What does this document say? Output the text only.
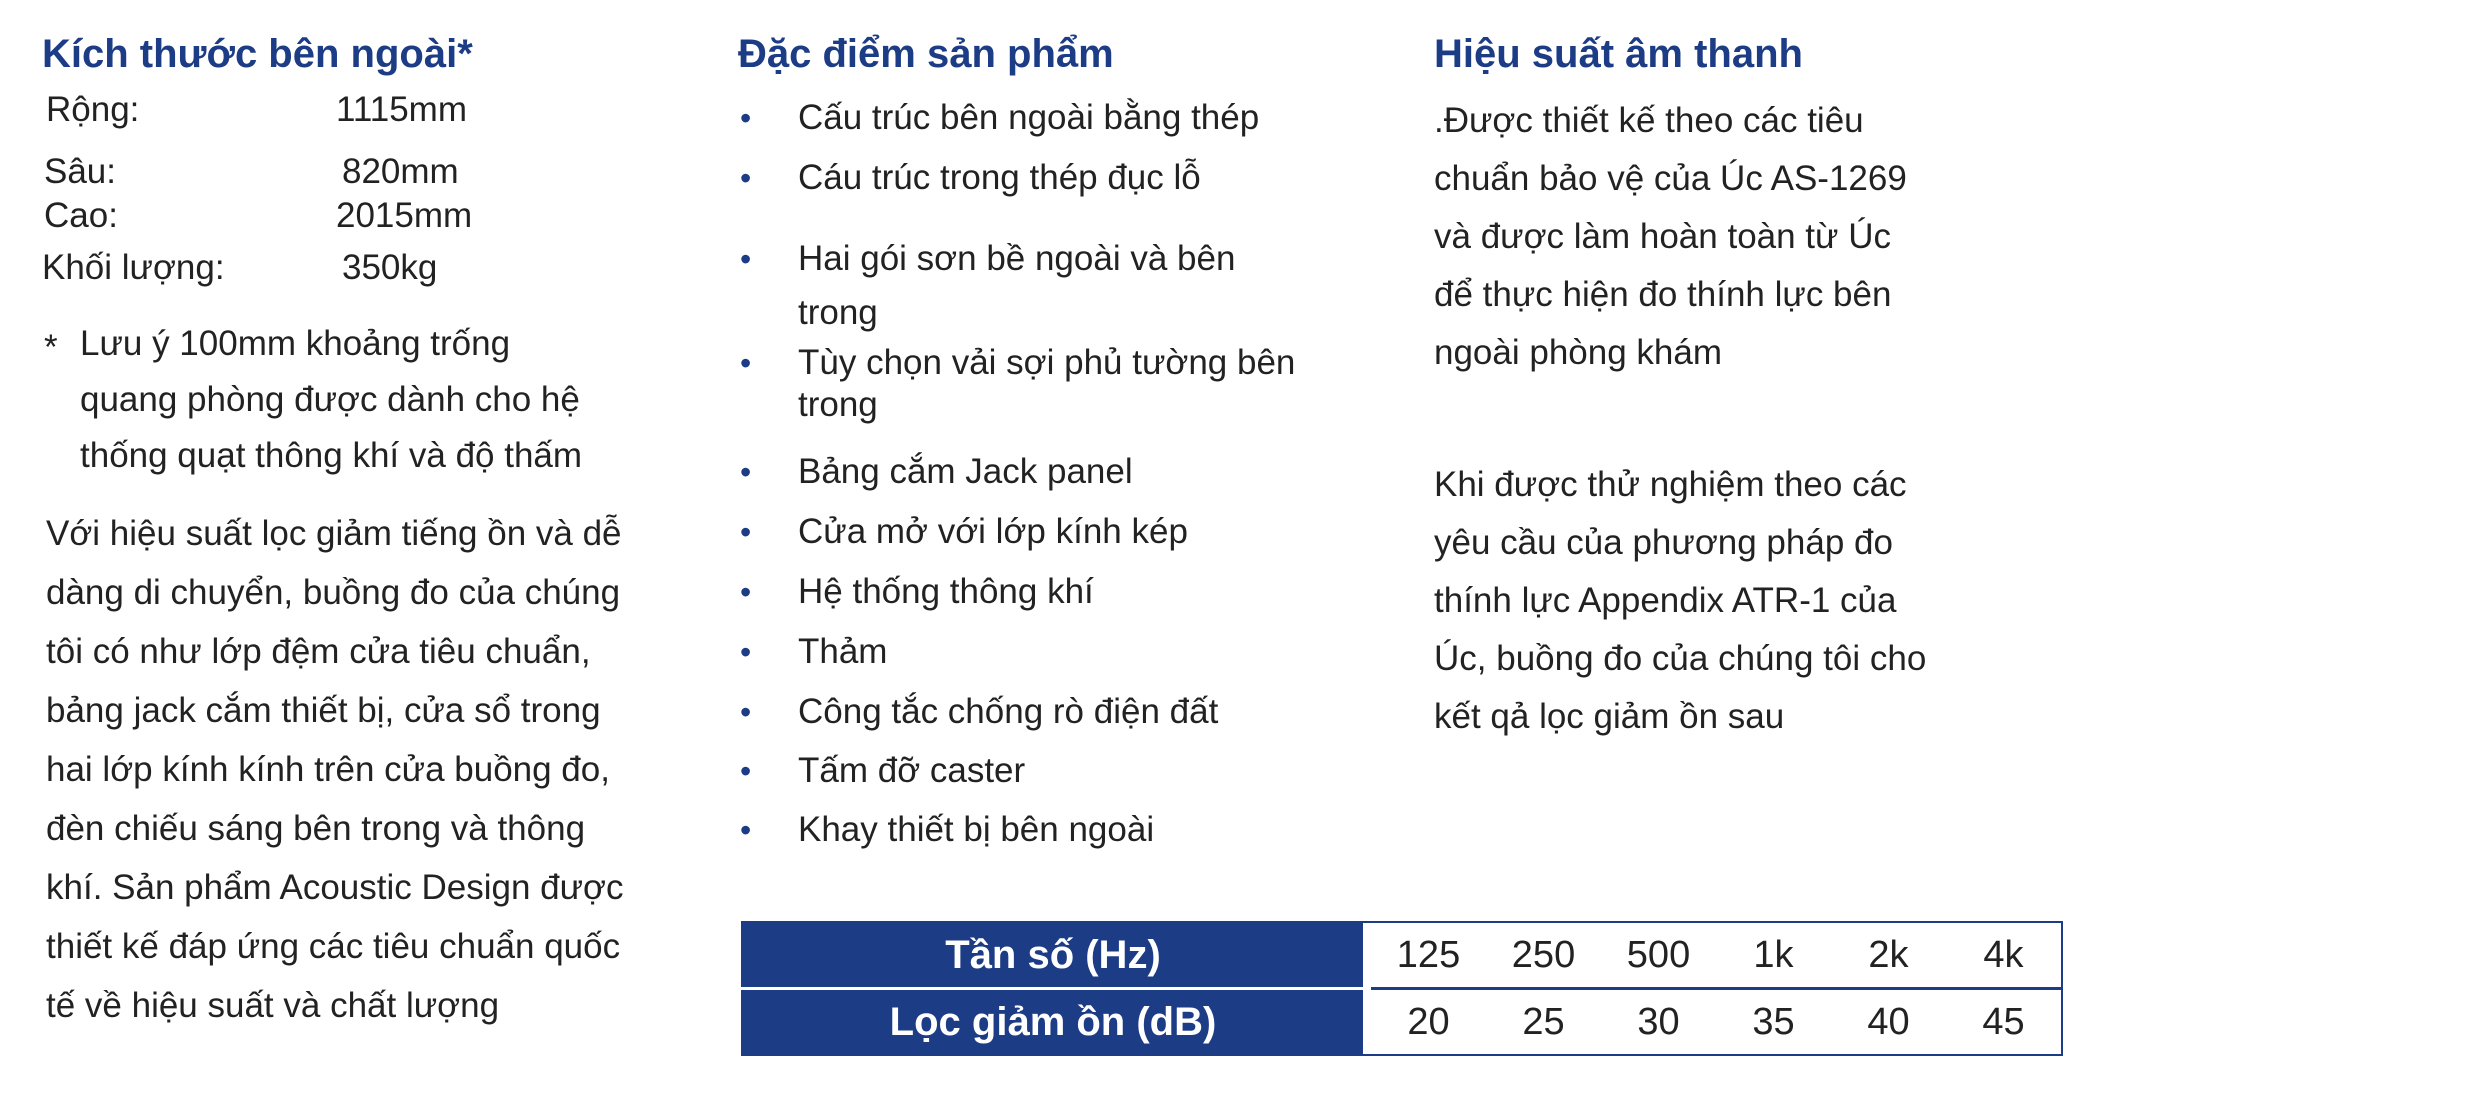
Kích thước bên ngoài*
Rộng:	1115mm
Sâu:	820mm
Cao:	2015mm
Khối lượng:	350kg
* Lưu ý 100mm khoảng trống
quang phòng được dành cho hệ
thống quạt thông khí và độ thấm
Với hiệu suất lọc giảm tiếng ồn và dễ
dàng di chuyển, buồng đo của chúng
tôi có như lớp đệm cửa tiêu chuẩn,
bảng jack cắm thiết bị, cửa sổ trong
hai lớp kính kính trên cửa buồng đo,
đèn chiếu sáng bên trong và thông
khí. Sản phẩm Acoustic Design được
thiết kế đáp ứng các tiêu chuẩn quốc
tế về hiệu suất và chất lượng
Đặc điểm sản phẩm
• Cấu trúc bên ngoài bằng thép
• Cáu trúc trong thép đục lỗ
• Hai gói sơn bề ngoài và bên
trong
• Tùy chọn vải sợi phủ tường bên
trong
• Bảng cắm Jack panel
• Cửa mở với lớp kính kép
• Hệ thống thông khí
• Thảm
• Công tắc chống rò điện đất
• Tấm đỡ caster
• Khay thiết bị bên ngoài
Hiệu suất âm thanh
.Được thiết kế theo các tiêu
chuẩn bảo vệ của Úc AS-1269
và được làm hoàn toàn từ Úc
để thực hiện đo thính lực bên
ngoài phòng khám
Khi được thử nghiệm theo các
yêu cầu của phương pháp đo
thính lực Appendix ATR-1 của
Úc, buồng đo của chúng tôi cho
kết qả lọc giảm ồn sau
Tần số (Hz)		125	250	500	1k	2k	4k
Lọc giảm ồn (dB)		20	25	30	35	40	45
